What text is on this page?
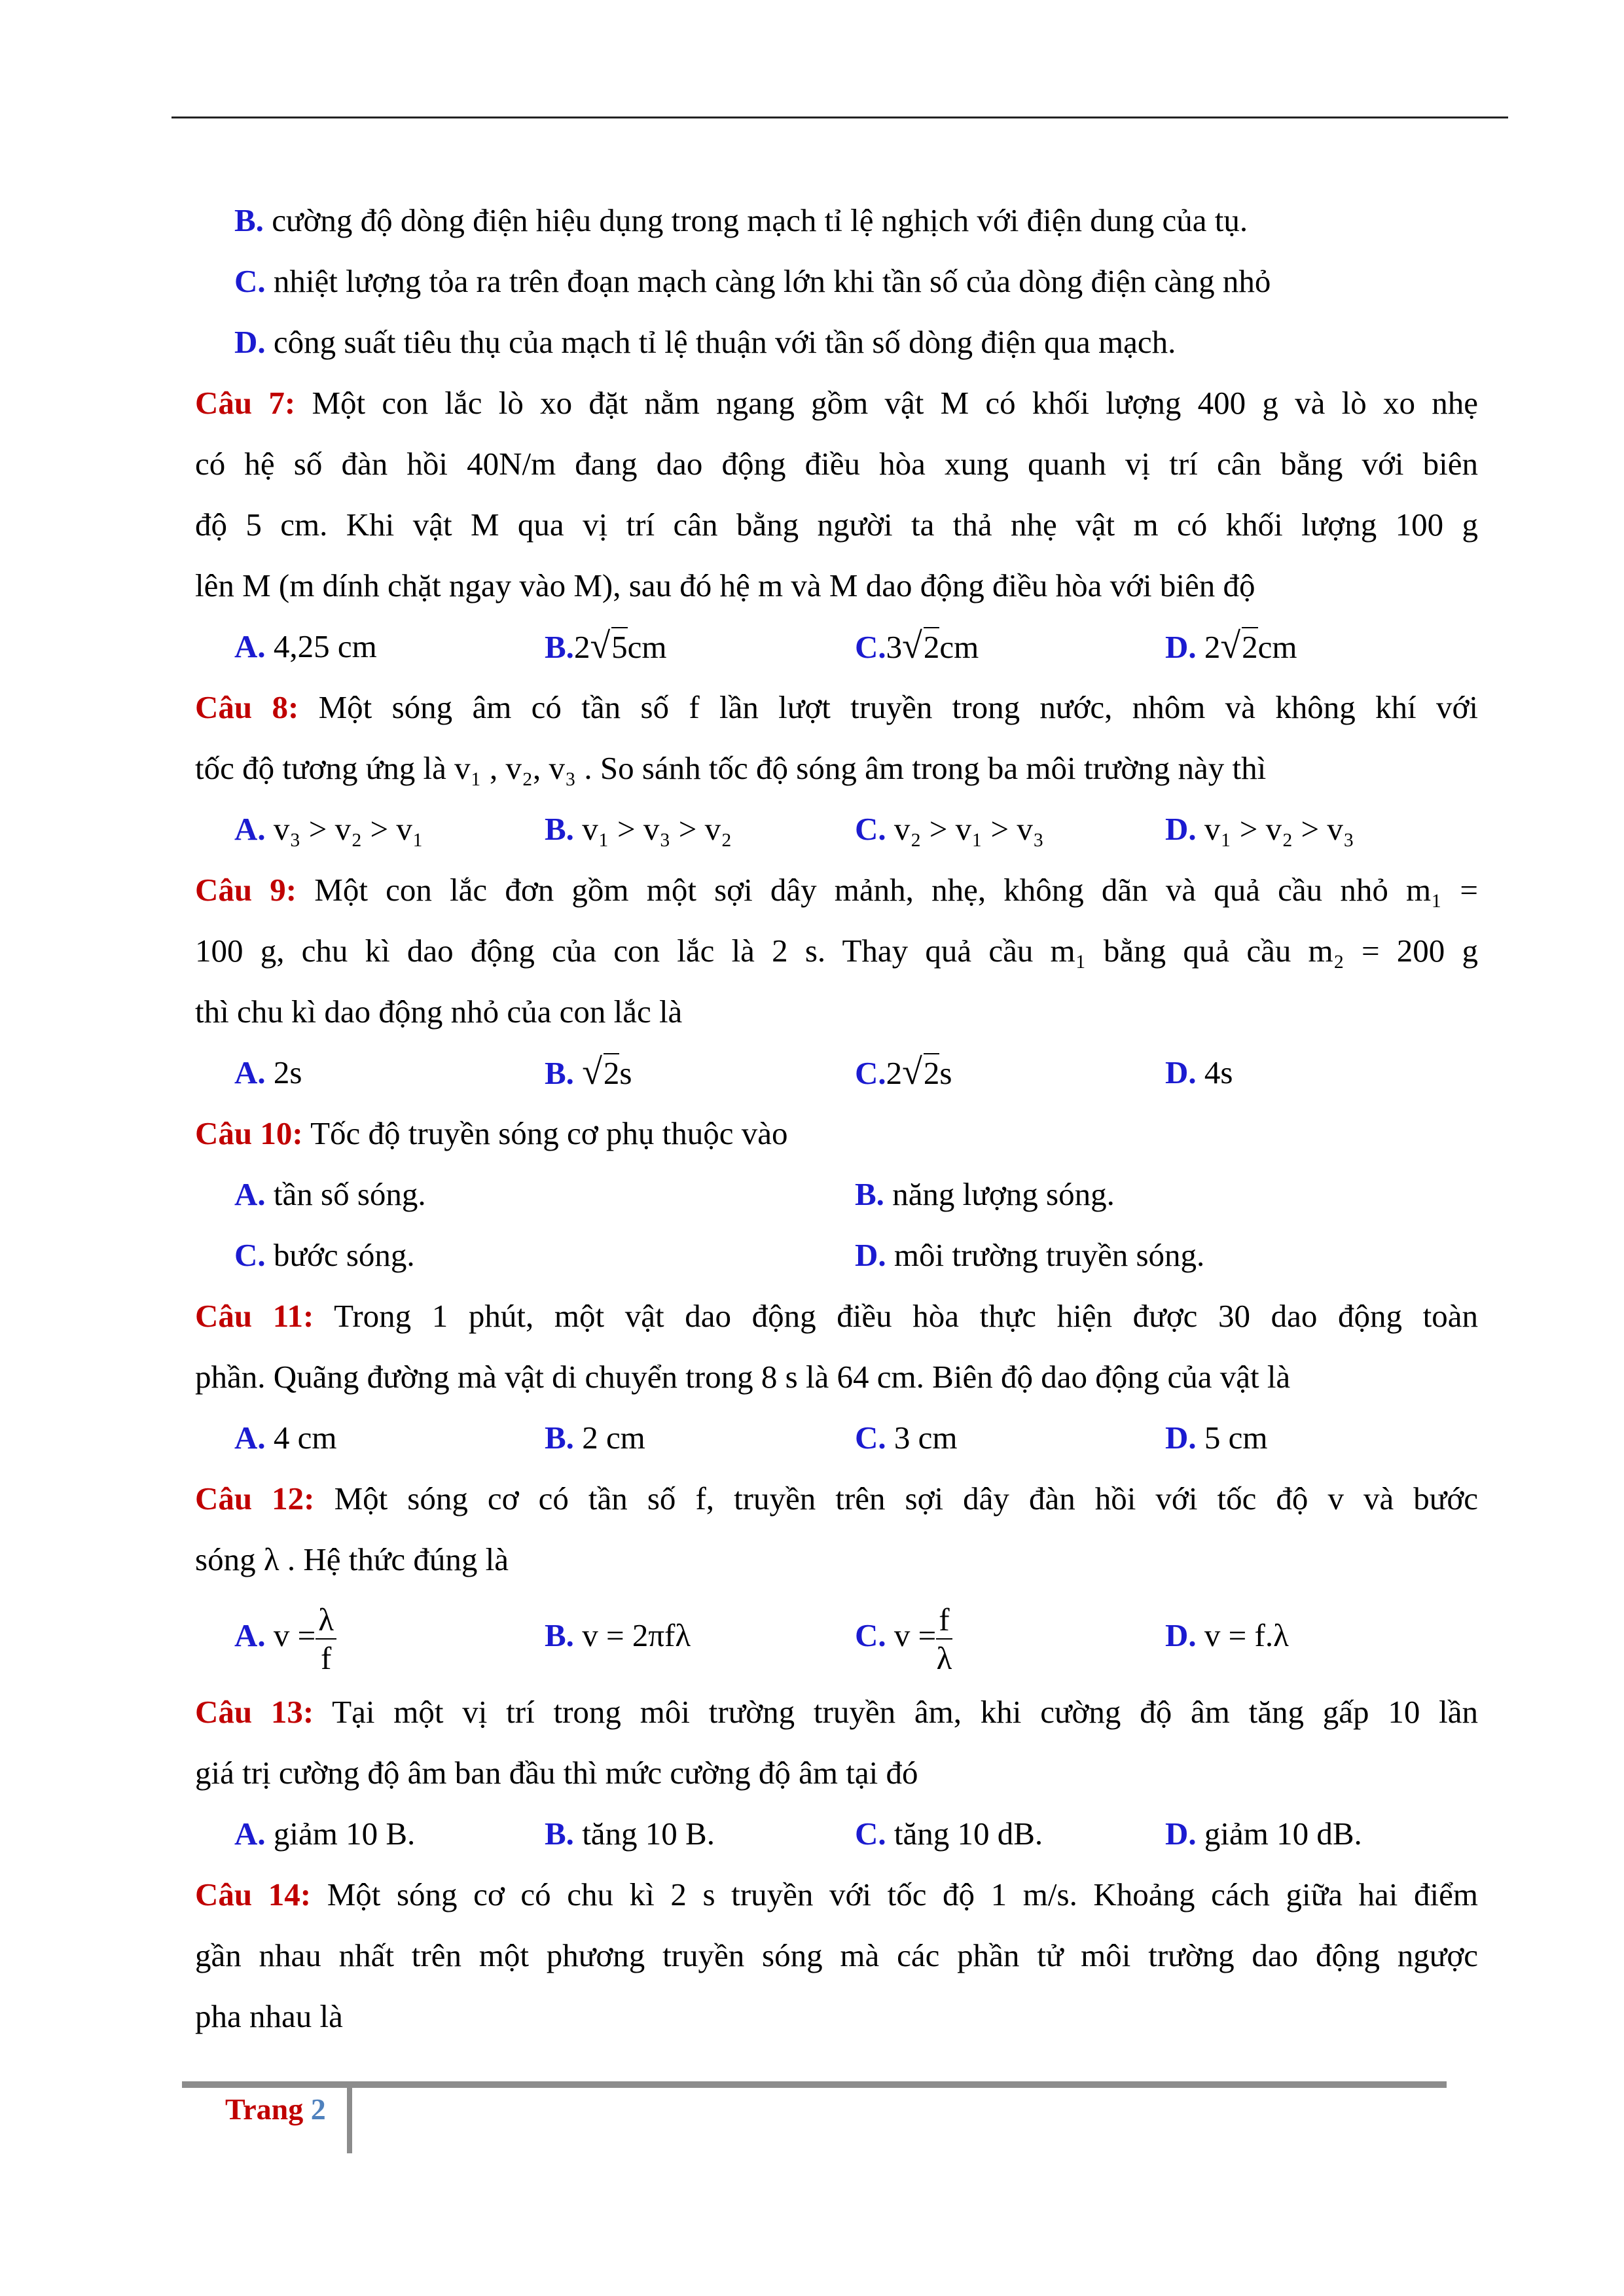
B. cường độ dòng điện hiệu dụng trong mạch tỉ lệ nghịch với điện dung của tụ.
C. nhiệt lượng tỏa ra trên đoạn mạch càng lớn khi tần số của dòng điện càng nhỏ
D. công suất tiêu thụ của mạch tỉ lệ thuận với tần số dòng điện qua mạch.
Câu 7: Một con lắc lò xo đặt nằm ngang gồm vật M có khối lượng 400 g và lò xo nhẹ
có hệ số đàn hồi 40N/m đang dao động điều hòa xung quanh vị trí cân bằng với biên
độ 5 cm. Khi vật M qua vị trí cân bằng người ta thả nhẹ vật m có khối lượng 100 g
lên M (m dính chặt ngay vào M), sau đó hệ m và M dao động điều hòa với biên độ
A. 4,25 cm	B.2√5cm	C.3√2cm	D. 2√2cm
Câu 8: Một sóng âm có tần số f lần lượt truyền trong nước, nhôm và không khí với
tốc độ tương ứng là v₁ , v₂, v₃ . So sánh tốc độ sóng âm trong ba môi trường này thì
A. v₃ > v₂ > v₁	B. v₁ > v₃ > v₂	C. v₂ > v₁ > v₃	D. v₁ > v₂ > v₃
Câu 9: Một con lắc đơn gồm một sợi dây mảnh, nhẹ, không dãn và quả cầu nhỏ m₁ =
100 g, chu kì dao động của con lắc là 2 s. Thay quả cầu m₁ bằng quả cầu m₂ = 200 g
thì chu kì dao động nhỏ của con lắc là
A. 2s	B. √2s	C.2√2s	D. 4s
Câu 10: Tốc độ truyền sóng cơ phụ thuộc vào
A. tần số sóng.	B. năng lượng sóng.
C. bước sóng.	D. môi trường truyền sóng.
Câu 11: Trong 1 phút, một vật dao động điều hòa thực hiện được 30 dao động toàn
phần. Quãng đường mà vật di chuyển trong 8 s là 64 cm. Biên độ dao động của vật là
A. 4 cm	B. 2 cm	C. 3 cm	D. 5 cm
Câu 12: Một sóng cơ có tần số f, truyền trên sợi dây đàn hồi với tốc độ v và bước
sóng λ . Hệ thức đúng là
A. $v = \frac{\lambda}{f}$	B. v = 2πfλ	C. $v = \frac{f}{\lambda}$	D. v = f.λ
Câu 13: Tại một vị trí trong môi trường truyền âm, khi cường độ âm tăng gấp 10 lần
giá trị cường độ âm ban đầu thì mức cường độ âm tại đó
A. giảm 10 B.	B. tăng 10 B.	C. tăng 10 dB.	D. giảm 10 dB.
Câu 14: Một sóng cơ có chu kì 2 s truyền với tốc độ 1 m/s. Khoảng cách giữa hai điểm
gần nhau nhất trên một phương truyền sóng mà các phần tử môi trường dao động ngược
pha nhau là
Trang 2
